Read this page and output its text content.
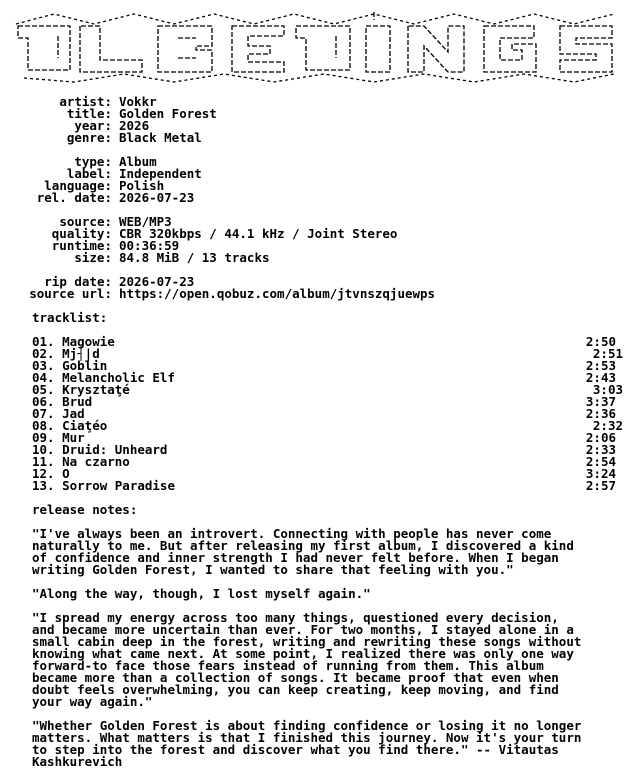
artist: Vokkr
title: Golden Forest
year: 2026
genre: Black Metal
type: Album
label: Independent
language: Polish
rel. date: 2026-07-23
source: WEB/MP3
quality: CBR 320kbps / 44.1 kHz / Joint Stereo
runtime: 00:36:59
size: 84.8 MiB / 13 tracks
rip date: 2026-07-23
source url: https://open.qobuz.com/album/jtvnszqjuewps
tracklist:
01. Magowie	2:50
02. Mj┤|d	2:51
03. Goblin	2:53
04. Melancholic Elf	2:43
05. Krysztaţé	3:03
06. Brud	3:37
07. Jad	2:36
08. Ciaţéo	2:32
09. Mur	2:06
10. Druid: Unheard	2:33
11. Na czarno	2:54
12. O	3:24
13. Sorrow Paradise	2:57
release notes:
"I've always been an introvert. Connecting with people has never come
naturally to me. But after releasing my first album, I discovered a kind
of confidence and inner strength I had never felt before. When I began
writing Golden Forest, I wanted to share that feeling with you."
"Along the way, though, I lost myself again."
"I spread my energy across too many things, questioned every decision,
and became more uncertain than ever. For two months, I stayed alone in a
small cabin deep in the forest, writing and rewriting these songs without
knowing what came next. At some point, I realized there was only one way
forward-to face those fears instead of running from them. This album
became more than a collection of songs. It became proof that even when
doubt feels overwhelming, you can keep creating, keep moving, and find
your way again."
"Whether Golden Forest is about finding confidence or losing it no longer
matters. What matters is that I finished this journey. Now it's your turn
to step into the forest and discover what you find there." -- Vitautas
Kashkurevich
